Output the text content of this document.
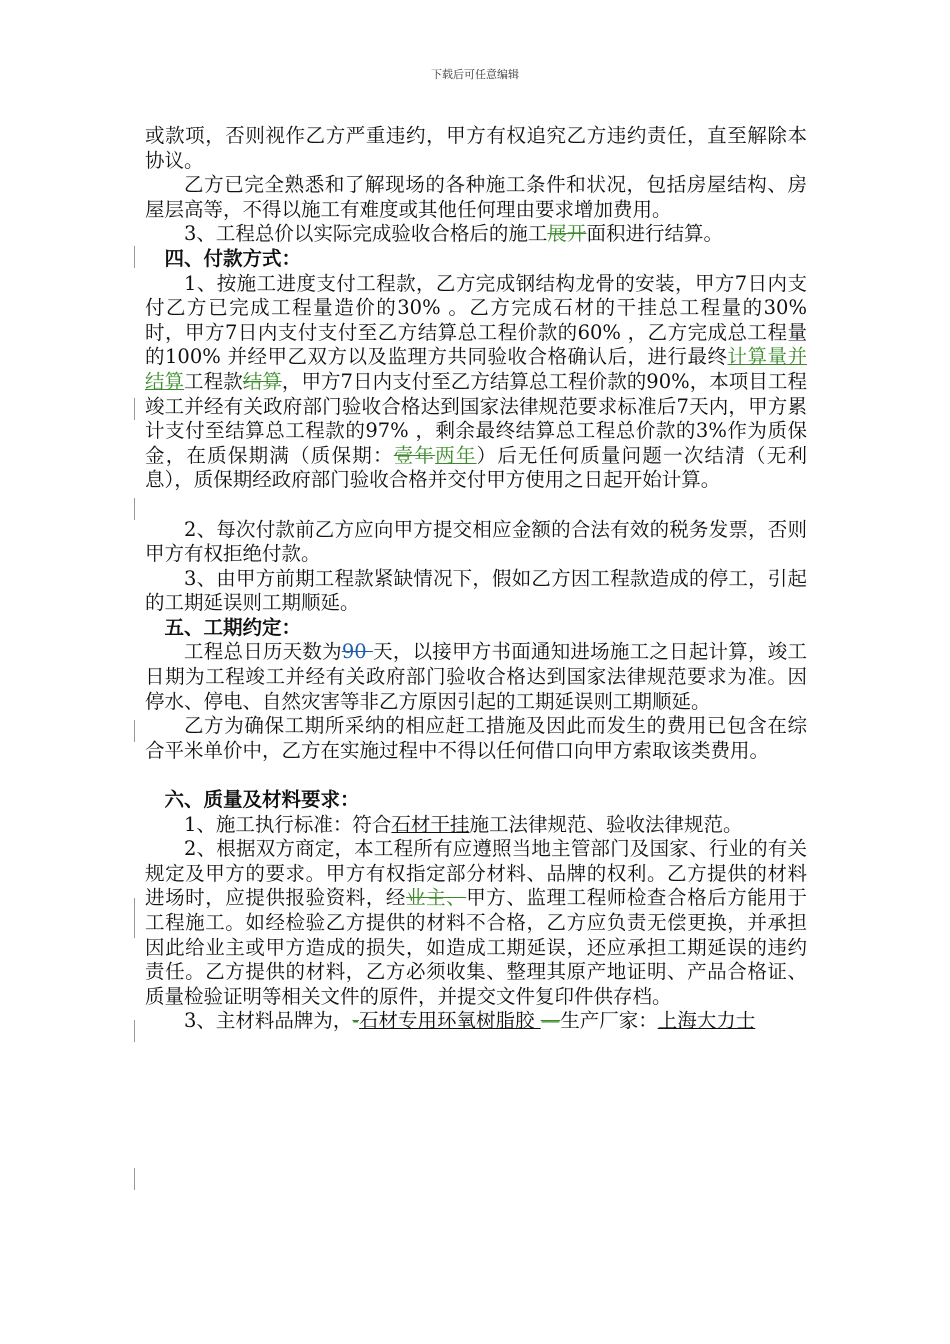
下载后可任意编辑

或款项，否则视作乙方严重违约，甲方有权追究乙方违约责任，直至解除本协议。

乙方已完全熟悉和了解现场的各种施工条件和状况，包括房屋结构、房屋层高等，不得以施工有难度或其他任何理由要求增加费用。

3、工程总价以实际完成验收合格后的施工展开面积进行结算。

四、付款方式：

1、按施工进度支付工程款，乙方完成钢结构龙骨的安装，甲方7日内支付乙方已完成工程量造价的30% 。乙方完成石材的干挂总工程量的30% 时，甲方7日内支付支付至乙方结算总工程价款的60% ，乙方完成总工程量的100% 并经甲乙双方以及监理方共同验收合格确认后，进行最终计算量并结算工程款结算，甲方7日内支付至乙方结算总工程价款的90%，本项目工程竣工并经有关政府部门验收合格达到国家法律规范要求标准后7天内，甲方累计支付至结算总工程款的97% ，剩余最终结算总工程总价款的3%作为质保金，在质保期满（质保期：壹年两年）后无任何质量问题一次结清（无利息），质保期经政府部门验收合格并交付甲方使用之日起开始计算。

2、每次付款前乙方应向甲方提交相应金额的合法有效的税务发票，否则甲方有权拒绝付款。

3、由甲方前期工程款紧缺情况下，假如乙方因工程款造成的停工，引起的工期延误则工期顺延。

五、工期约定：

工程总日历天数为90 天，以接甲方书面通知进场施工之日起计算，竣工日期为工程竣工并经有关政府部门验收合格达到国家法律规范要求为准。因停水、停电、自然灾害等非乙方原因引起的工期延误则工期顺延。

乙方为确保工期所采纳的相应赶工措施及因此而发生的费用已包含在综合平米单价中，乙方在实施过程中不得以任何借口向甲方索取该类费用。

六、质量及材料要求：

1、施工执行标准：符合石材干挂施工法律规范、验收法律规范。

2、根据双方商定，本工程所有应遵照当地主管部门及国家、行业的有关规定及甲方的要求。甲方有权指定部分材料、品牌的权利。乙方提供的材料进场时，应提供报验资料，经业主、甲方、监理工程师检查合格后方能用于工程施工。如经检验乙方提供的材料不合格，乙方应负责无偿更换，并承担因此给业主或甲方造成的损失，如造成工期延误，还应承担工期延误的违约责任。乙方提供的材料，乙方必须收集、整理其原产地证明、产品合格证、质量检验证明等相关文件的原件，并提交文件复印件供存档。

3、主材料品牌为，-石材专用环氧树脂胶 —生产厂家：上海大力士
